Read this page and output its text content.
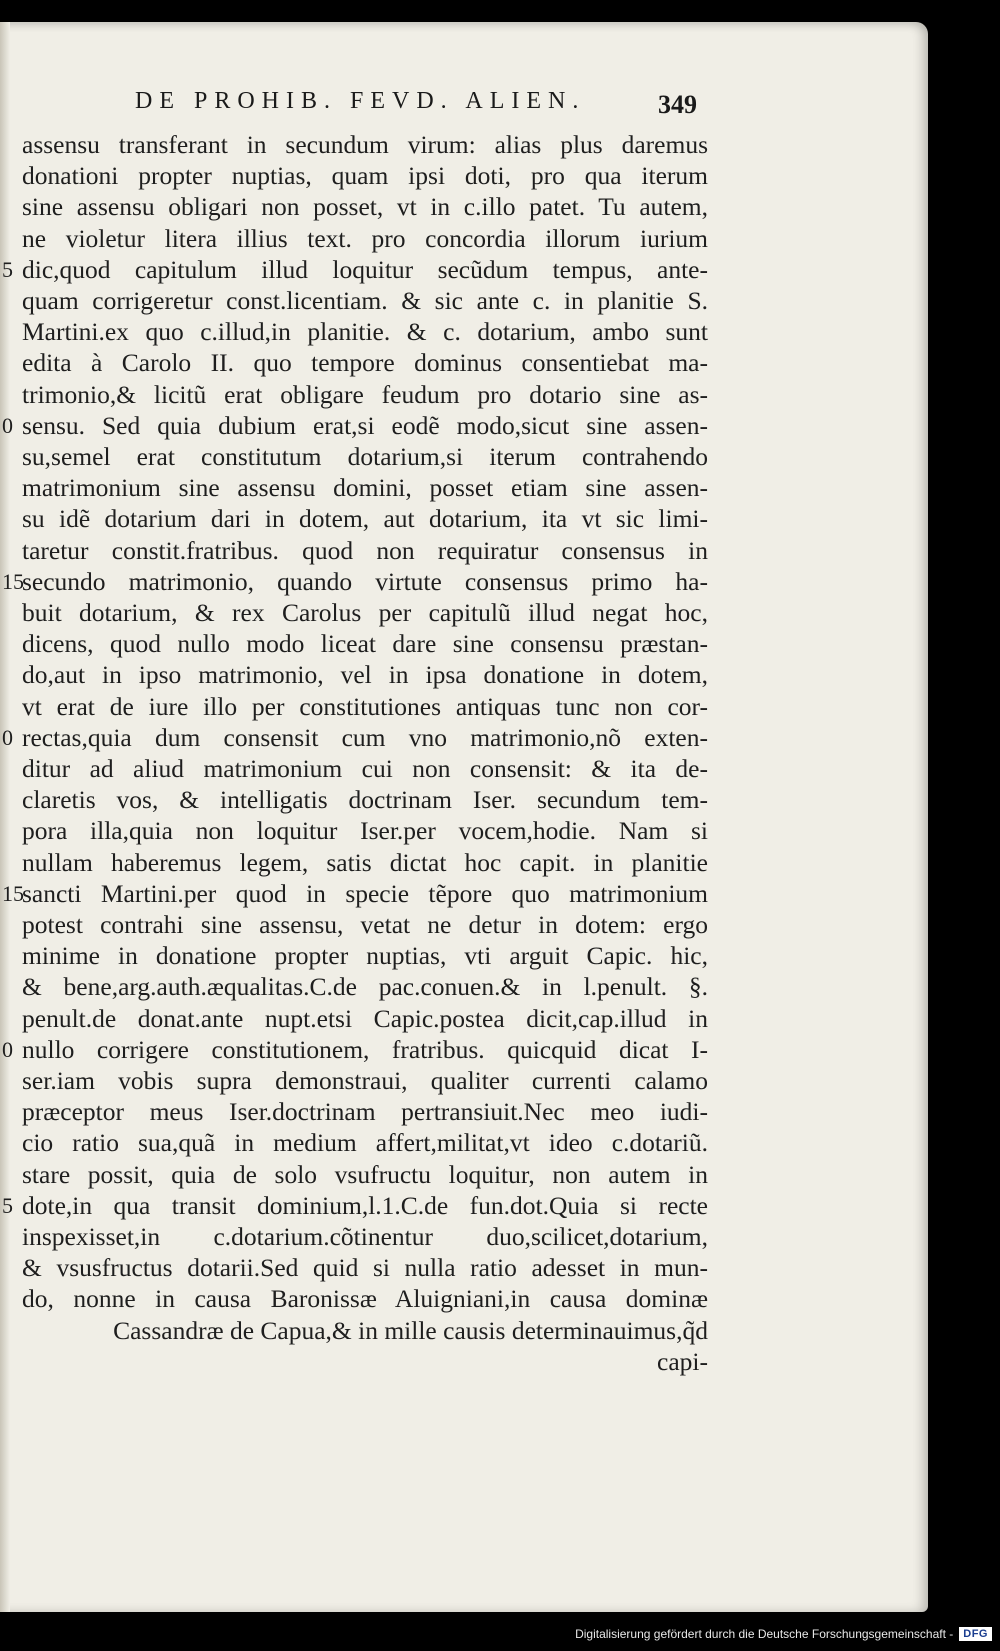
DE PROHIB. FEVD. ALIEN.	349
assensu transferant in secundum virum: alias plus daremus
donationi propter nuptias, quam ipsi doti, pro qua iterum
sine assensu obligari non posset, vt in c.illo patet. Tu autem,
ne violetur litera illius text. pro concordia illorum iurium
dic,quod capitulum illud loquitur secũdum tempus, ante-
quam corrigeretur const.licentiam. & sic ante c. in planitie S.
Martini.ex quo c.illud,in planitie. & c. dotarium, ambo sunt
edita à Carolo II. quo tempore dominus consentiebat ma-
trimonio,& licitũ erat obligare feudum pro dotario sine as-
sensu. Sed quia dubium erat,si eodẽ modo,sicut sine assen-
su,semel erat constitutum dotarium,si iterum contrahendo
matrimonium sine assensu domini, posset etiam sine assen-
su idẽ dotarium dari in dotem, aut dotarium, ita vt sic limi-
taretur constit.fratribus. quod non requiratur consensus in
secundo matrimonio, quando virtute consensus primo ha-
buit dotarium, & rex Carolus per capitulũ illud negat hoc,
dicens, quod nullo modo liceat dare sine consensu præstan-
do,aut in ipso matrimonio, vel in ipsa donatione in dotem,
vt erat de iure illo per constitutiones antiquas tunc non cor-
rectas,quia dum consensit cum vno matrimonio,nõ exten-
ditur ad aliud matrimonium cui non consensit: & ita de-
claretis vos, & intelligatis doctrinam Iser. secundum tem-
pora illa,quia non loquitur Iser.per vocem,hodie. Nam si
nullam haberemus legem, satis dictat hoc capit. in planitie
sancti Martini.per quod in specie tẽpore quo matrimonium
potest contrahi sine assensu, vetat ne detur in dotem: ergo
minime in donatione propter nuptias, vti arguit Capic. hic,
& bene,arg.auth.æqualitas.C.de pac.conuen.& in l.penult. §.
penult.de donat.ante nupt.etsi Capic.postea dicit,cap.illud in
nullo corrigere constitutionem, fratribus. quicquid dicat I-
ser.iam vobis supra demonstraui, qualiter currenti calamo
præceptor meus Iser.doctrinam pertransiuit.Nec meo iudi-
cio ratio sua,quã in medium affert,militat,vt ideo c.dotariũ.
stare possit, quia de solo vsufructu loquitur, non autem in
dote,in qua transit dominium,l.1.C.de fun.dot.Quia si recte
inspexisset,in c.dotarium.cõtinentur duo,scilicet,dotarium,
& vsusfructus dotarii.Sed quid si nulla ratio adesset in mun-
do, nonne in causa Baronissæ Aluigniani,in causa dominæ
Cassandræ de Capua,& in mille causis determinauimus,q̃d
capi-
5
0
15
0
15
0
5
Digitalisierung gefördert durch die Deutsche Forschungsgemeinschaft - DFG
